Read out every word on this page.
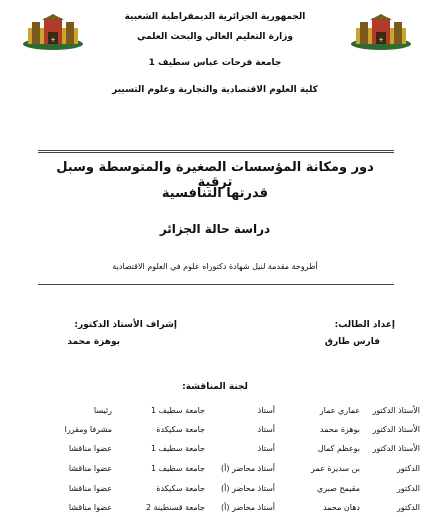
ⵜ	ⵜ
الجمهورية الجزائرية الديمقراطية الشعبية
وزارة التعليم العالي والبحث العلمي
جامعة فرحات عباس سطيف 1
كلية العلوم الاقتصادية والتجارية وعلوم التسيير
دور ومكانة المؤسسات الصغيرة والمتوسطة وسبل ترقية
قدرتها التنافسية
دراسة حالة الجزائر
أطروحة مقدمة لنيل شهادة دكتوراه علوم في العلوم الاقتصادية
إعداد الطالب:
فارس طارق
إشراف الأستاذ الدكتور:
بوهزة محمد
لجنة المناقشة:
الأستاذ الدكتور
عماري عمار
أستاذ
جامعة سطيف 1
رئيسا
الأستاذ الدكتور
بوهزة محمد
أستاذ
جامعة سكيكدة
مشرفا ومقررا
الأستاذ الدكتور
بوعظم كمال
أستاذ
جامعة سطيف 1
عضوا مناقشا
الدكتور
بن سديرة عمر
أستاذ محاضر (أ)
جامعة سطيف 1
عضوا مناقشا
الدكتور
مقيمح صبري
أستاذ محاضر (أ)
جامعة سكيكدة
عضوا مناقشا
الدكتور
دهان محمد
أستاذ محاضر (أ)
جامعة قسنطينة 2
عضوا مناقشا
